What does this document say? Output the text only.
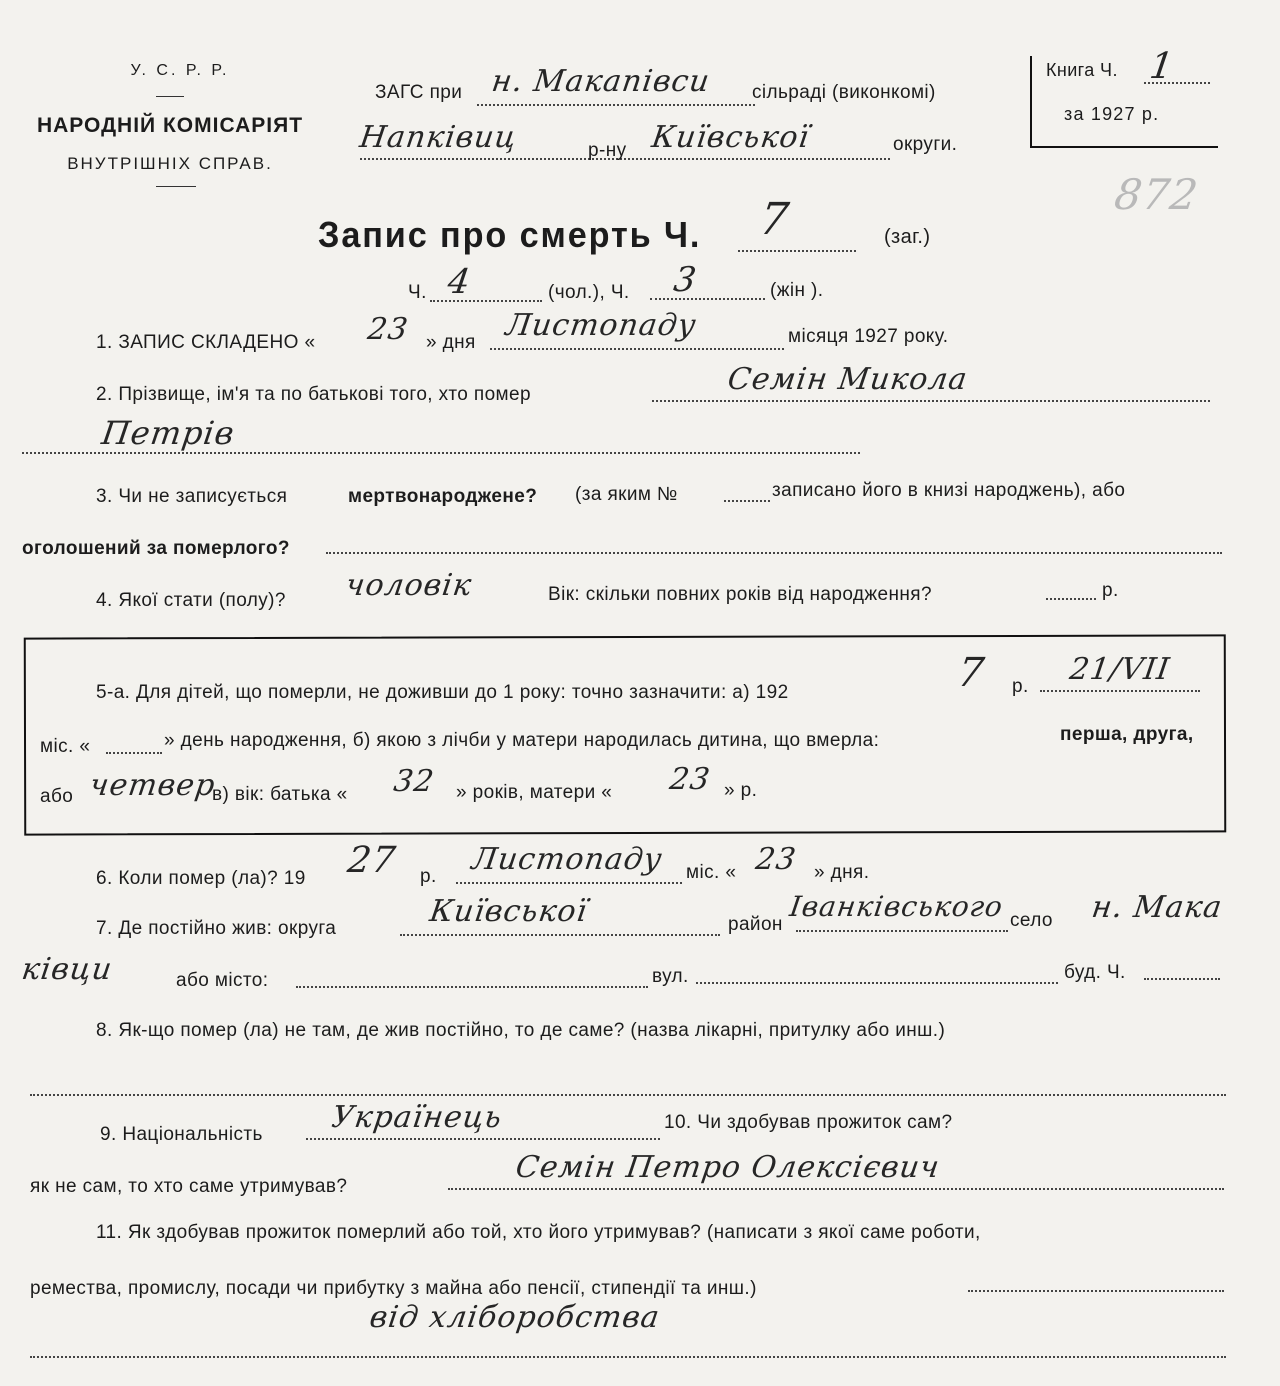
У. С. Р. Р.
НАРОДНІЙ КОМІСАРІЯТ
ВНУТРІШНІХ СПРАВ.
ЗАГС при н. Макаnівси сільраді (виконкомі)
Наnківиц	р-ну Київської	округи.
Книга Ч. 1
за 1927 р.
872
Запис про смерть Ч. 7	(заг.)
Ч. 4	(чол.), Ч. 3	(жін ).
1. ЗАПИС СКЛАДЕНО « 23 » дня Листопаду	місяця 1927 року.
2. Прізвище, ім'я та по батькові того, хто помер	Семін Микола
Петрів
3. Чи не записується	мертвонароджене? (за яким №	записано його в книзі народжень), або
оголошений за померлого?
4. Якої стати (полу)? чоловік	Вік: скільки повних років від народження?	р.
5-а. Для дітей, що померли, не доживши до 1 року: точно зазначити: а) 192	7 р. 21/VII
міс. «	» день народження, б) якою з лічби у матери народилась дитина, що вмерла:	перша, друга,
або четвер
в) вік: батька « 32 » років, матери « 23 » р.
6. Коли помер (ла)? 19 27 р. Листопаду міс. « 23 » дня.
7. Де постійно жив: округа	Київської	район
Іванківського село н. Мака
ківци	або місто:	вул.	буд. Ч.
8. Як-що помер (ла) не там, де жив постійно, то де саме? (назва лікарні, притулку або инш.)
9. Національність Українець	10. Чи здобував прожиток сам?
як не сам, то хто саме утримував?
Семін Петро Олексієвич
11. Як здобував прожиток померлий або той, хто його утримував? (написати з якої саме роботи,
ремества, промислу, посади чи прибутку з майна або пенсії, стипендії та инш.)
від хліборобства
